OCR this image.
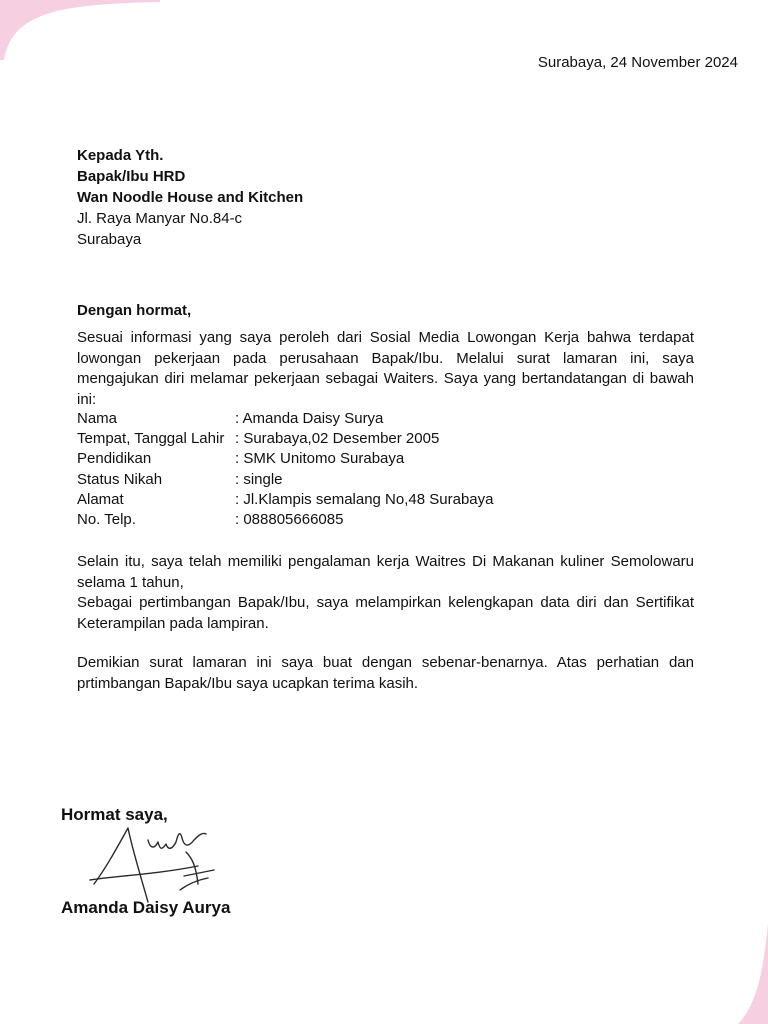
Surabaya, 24 November 2024
Kepada Yth.
Bapak/Ibu HRD
Wan Noodle House and Kitchen
Jl. Raya Manyar No.84-c
Surabaya
Dengan hormat,
Sesuai informasi yang saya peroleh dari Sosial Media Lowongan Kerja bahwa terdapat lowongan pekerjaan pada perusahaan Bapak/Ibu. Melalui surat lamaran ini, saya mengajukan diri melamar pekerjaan sebagai Waiters. Saya yang bertandatangan di bawah ini:
Nama	: Amanda Daisy Surya
Tempat, Tanggal Lahir : Surabaya,02 Desember 2005
Pendidikan	: SMK Unitomo Surabaya
Status Nikah	: single
Alamat	: Jl.Klampis semalang No,48 Surabaya
No. Telp.	: 088805666085
Selain itu, saya telah memiliki pengalaman kerja Waitres Di Makanan kuliner Semolowaru selama 1 tahun,
Sebagai pertimbangan Bapak/Ibu, saya melampirkan kelengkapan data diri dan Sertifikat Keterampilan pada lampiran.
Demikian surat lamaran ini saya buat dengan sebenar-benarnya. Atas perhatian dan prtimbangan Bapak/Ibu saya ucapkan terima kasih.
Hormat saya,
Amanda Daisy Aurya
